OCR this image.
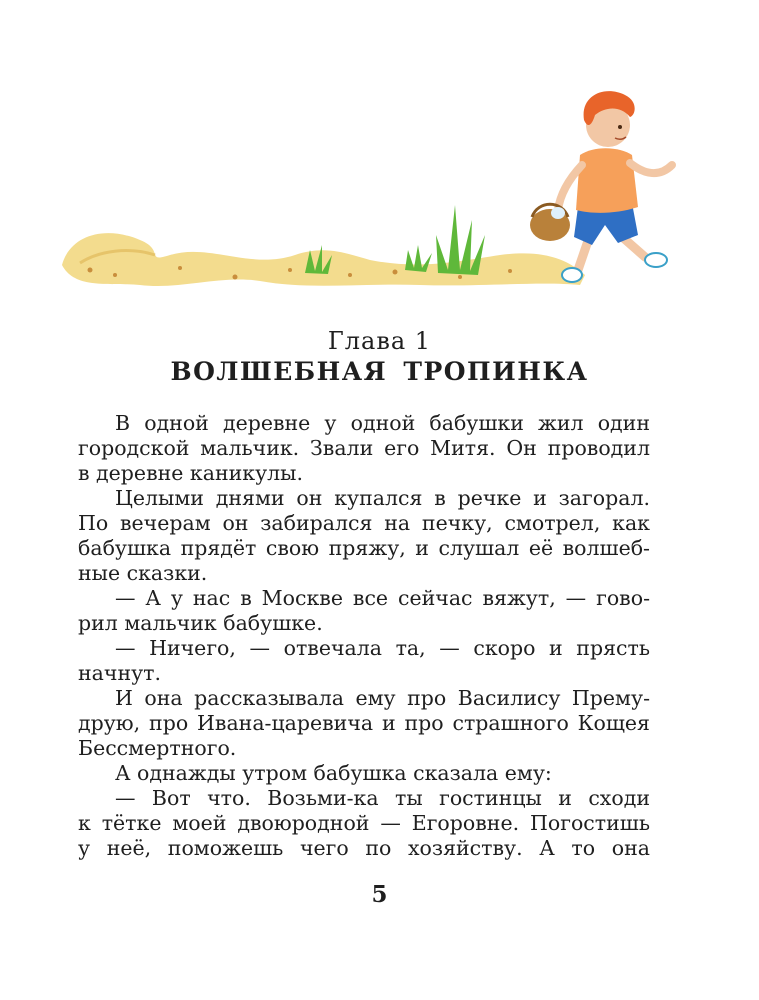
Глава 1
ВОЛШЕБНАЯ ТРОПИНКА
В одной деревне у одной бабушки жил один
городской мальчик. Звали его Митя. Он проводил
в деревне каникулы.
Целыми днями он купался в речке и загорал.
По вечерам он забирался на печку, смотрел, как
бабушка прядёт свою пряжу, и слушал её волшеб-
ные сказки.
— А у нас в Москве все сейчас вяжут, — гово-
рил мальчик бабушке.
— Ничего, — отвечала та, — скоро и прясть
начнут.
И она рассказывала ему про Василису Прему-
друю, про Ивана-царевича и про страшного Кощея
Бессмертного.
А однажды утром бабушка сказала ему:
— Вот что. Возьми-ка ты гостинцы и сходи
к тётке моей двоюродной — Егоровне. Погостишь
у неё, поможешь чего по хозяйству. А то она
5
